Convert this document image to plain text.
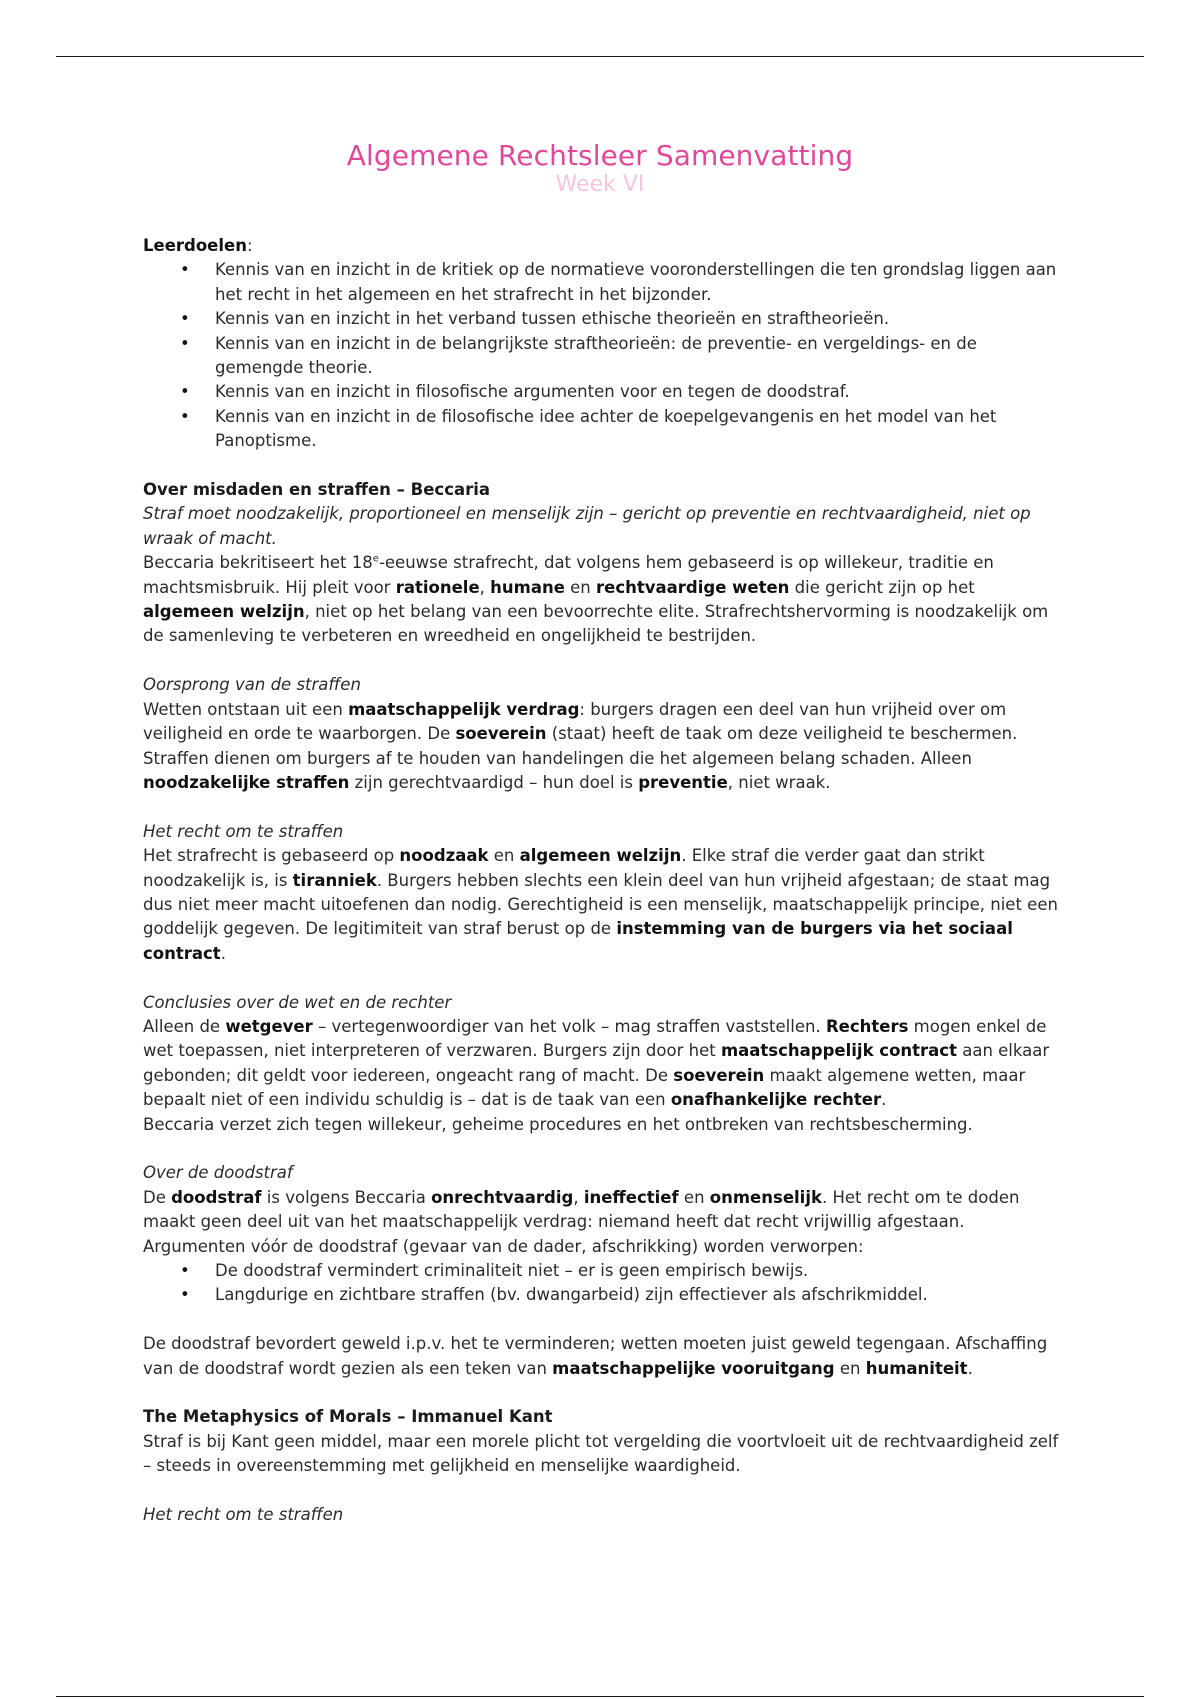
Algemene Rechtsleer Samenvatting

Week VI

Leerdoelen:

• Kennis van en inzicht in de kritiek op de normatieve vooronderstellingen die ten grondslag liggen aan het recht in het algemeen en het strafrecht in het bijzonder.
• Kennis van en inzicht in het verband tussen ethische theorieën en straftheorieën.
• Kennis van en inzicht in de belangrijkste straftheorieën: de preventie- en vergeldings- en de gemengde theorie.
• Kennis van en inzicht in filosofische argumenten voor en tegen de doodstraf.
• Kennis van en inzicht in de filosofische idee achter de koepelgevangenis en het model van het Panoptisme.

Over misdaden en straffen – Beccaria

Straf moet noodzakelijk, proportioneel en menselijk zijn – gericht op preventie en rechtvaardigheid, niet op wraak of macht.

Beccaria bekritiseert het 18e-eeuwse strafrecht, dat volgens hem gebaseerd is op willekeur, traditie en machtsmisbruik. Hij pleit voor rationele, humane en rechtvaardige weten die gericht zijn op het algemeen welzijn, niet op het belang van een bevoorrechte elite. Strafrechtshervorming is noodzakelijk om de samenleving te verbeteren en wreedheid en ongelijkheid te bestrijden.

Oorsprong van de straffen

Wetten ontstaan uit een maatschappelijk verdrag: burgers dragen een deel van hun vrijheid over om veiligheid en orde te waarborgen. De soeverein (staat) heeft de taak om deze veiligheid te beschermen. Straffen dienen om burgers af te houden van handelingen die het algemeen belang schaden. Alleen noodzakelijke straffen zijn gerechtvaardigd – hun doel is preventie, niet wraak.

Het recht om te straffen

Het strafrecht is gebaseerd op noodzaak en algemeen welzijn. Elke straf die verder gaat dan strikt noodzakelijk is, is tiranniek. Burgers hebben slechts een klein deel van hun vrijheid afgestaan; de staat mag dus niet meer macht uitoefenen dan nodig. Gerechtigheid is een menselijk, maatschappelijk principe, niet een goddelijk gegeven. De legitimiteit van straf berust op de instemming van de burgers via het sociaal contract.

Conclusies over de wet en de rechter

Alleen de wetgever – vertegenwoordiger van het volk – mag straffen vaststellen. Rechters mogen enkel de wet toepassen, niet interpreteren of verzwaren. Burgers zijn door het maatschappelijk contract aan elkaar gebonden; dit geldt voor iedereen, ongeacht rang of macht. De soeverein maakt algemene wetten, maar bepaalt niet of een individu schuldig is – dat is de taak van een onafhankelijke rechter.

Beccaria verzet zich tegen willekeur, geheime procedures en het ontbreken van rechtsbescherming.

Over de doodstraf

De doodstraf is volgens Beccaria onrechtvaardig, ineffectief en onmenselijk. Het recht om te doden maakt geen deel uit van het maatschappelijk verdrag: niemand heeft dat recht vrijwillig afgestaan. Argumenten vóór de doodstraf (gevaar van de dader, afschrikking) worden verworpen:

• De doodstraf vermindert criminaliteit niet – er is geen empirisch bewijs.
• Langdurige en zichtbare straffen (bv. dwangarbeid) zijn effectiever als afschrikmiddel.

De doodstraf bevordert geweld i.p.v. het te verminderen; wetten moeten juist geweld tegengaan. Afschaffing van de doodstraf wordt gezien als een teken van maatschappelijke vooruitgang en humaniteit.

The Metaphysics of Morals – Immanuel Kant

Straf is bij Kant geen middel, maar een morele plicht tot vergelding die voortvloeit uit de rechtvaardigheid zelf – steeds in overeenstemming met gelijkheid en menselijke waardigheid.

Het recht om te straffen
